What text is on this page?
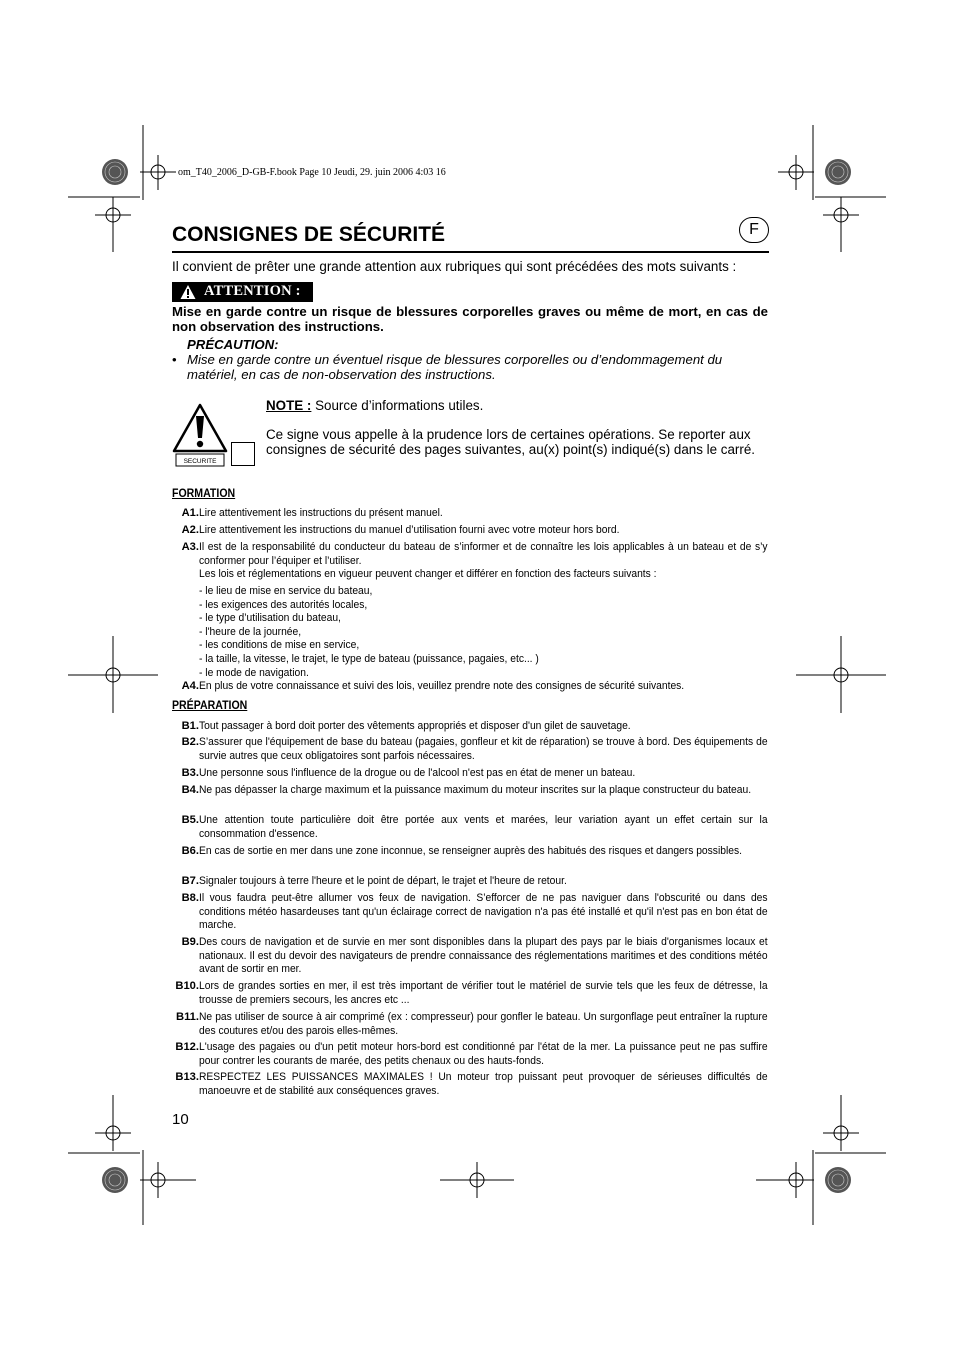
om_T40_2006_D-GB-F.book Page 10 Jeudi, 29. juin 2006 4:03 16
CONSIGNES DE SÉCURITÉ	F
Il convient de prêter une grande attention aux rubriques qui sont précédées des mots suivants :
ATTENTION :
Mise en garde contre un risque de blessures corporelles graves ou même de mort, en cas de non observation des instructions.
PRÉCAUTION:
• Mise en garde contre un éventuel risque de blessures corporelles ou d’endommagement du matériel, en cas de non-observation des instructions.
SECURITE
NOTE : Source d’informations utiles.
Ce signe vous appelle à la prudence lors de certaines opérations. Se reporter aux consignes de sécurité des pages suivantes, au(x) point(s) indiqué(s) dans le carré.
FORMATION
A1. Lire attentivement les instructions du présent manuel.
A2. Lire attentivement les instructions du manuel d’utilisation fourni avec votre moteur hors bord.
A3. Il est de la responsabilité du conducteur du bateau de s’informer et de connaître les lois applicables à un bateau et de s’y conformer pour l’équiper et l’utiliser.
Les lois et réglementations en vigueur peuvent changer et différer en fonction des facteurs suivants :
- le lieu de mise en service du bateau,
- les exigences des autorités locales,
- le type d’utilisation du bateau,
- l'heure de la journée,
- les conditions de mise en service,
- la taille, la vitesse, le trajet, le type de bateau (puissance, pagaies, etc... )
- le mode de navigation.
A4. En plus de votre connaissance et suivi des lois, veuillez prendre note des consignes de sécurité suivantes.
PRÉPARATION
B1. Tout passager à bord doit porter des vêtements appropriés et disposer d'un gilet de sauvetage.
B2. S’assurer que l'équipement de base du bateau (pagaies, gonfleur et kit de réparation) se trouve à bord. Des équipements de survie autres que ceux obligatoires sont parfois nécessaires.
B3. Une personne sous l'influence de la drogue ou de l'alcool n'est pas en état de mener un bateau.
B4. Ne pas dépasser la charge maximum et la puissance maximum du moteur inscrites sur la plaque constructeur du bateau.
B5. Une attention toute particulière doit être portée aux vents et marées, leur variation ayant un effet certain sur la consommation d'essence.
B6. En cas de sortie en mer dans une zone inconnue, se renseigner auprès des habitués des risques et dangers possibles.
B7. Signaler toujours à terre l'heure et le point de départ, le trajet et l'heure de retour.
B8. Il vous faudra peut-être allumer vos feux de navigation. S’efforcer de ne pas naviguer dans l'obscurité ou dans des conditions météo hasardeuses tant qu'un éclairage correct de navigation n'a pas été installé et qu'il n'est pas en bon état de marche.
B9. Des cours de navigation et de survie en mer sont disponibles dans la plupart des pays par le biais d'organismes locaux et nationaux. Il est du devoir des navigateurs de prendre connaissance des réglementations maritimes et des conditions météo avant de sortir en mer.
B10. Lors de grandes sorties en mer, il est très important de vérifier tout le matériel de survie tels que les feux de détresse, la trousse de premiers secours, les ancres etc ...
B11. Ne pas utiliser de source à air comprimé (ex : compresseur) pour gonfler le bateau. Un surgonflage peut entraîner la rupture des coutures et/ou des parois elles-mêmes.
B12. L'usage des pagaies ou d'un petit moteur hors-bord est conditionné par l'état de la mer. La puissance peut ne pas suffire pour contrer les courants de marée, des petits chenaux ou des hauts-fonds.
B13. RESPECTEZ LES PUISSANCES MAXIMALES ! Un moteur trop puissant peut provoquer de sérieuses difficultés de manoeuvre et de stabilité aux conséquences graves.
10
